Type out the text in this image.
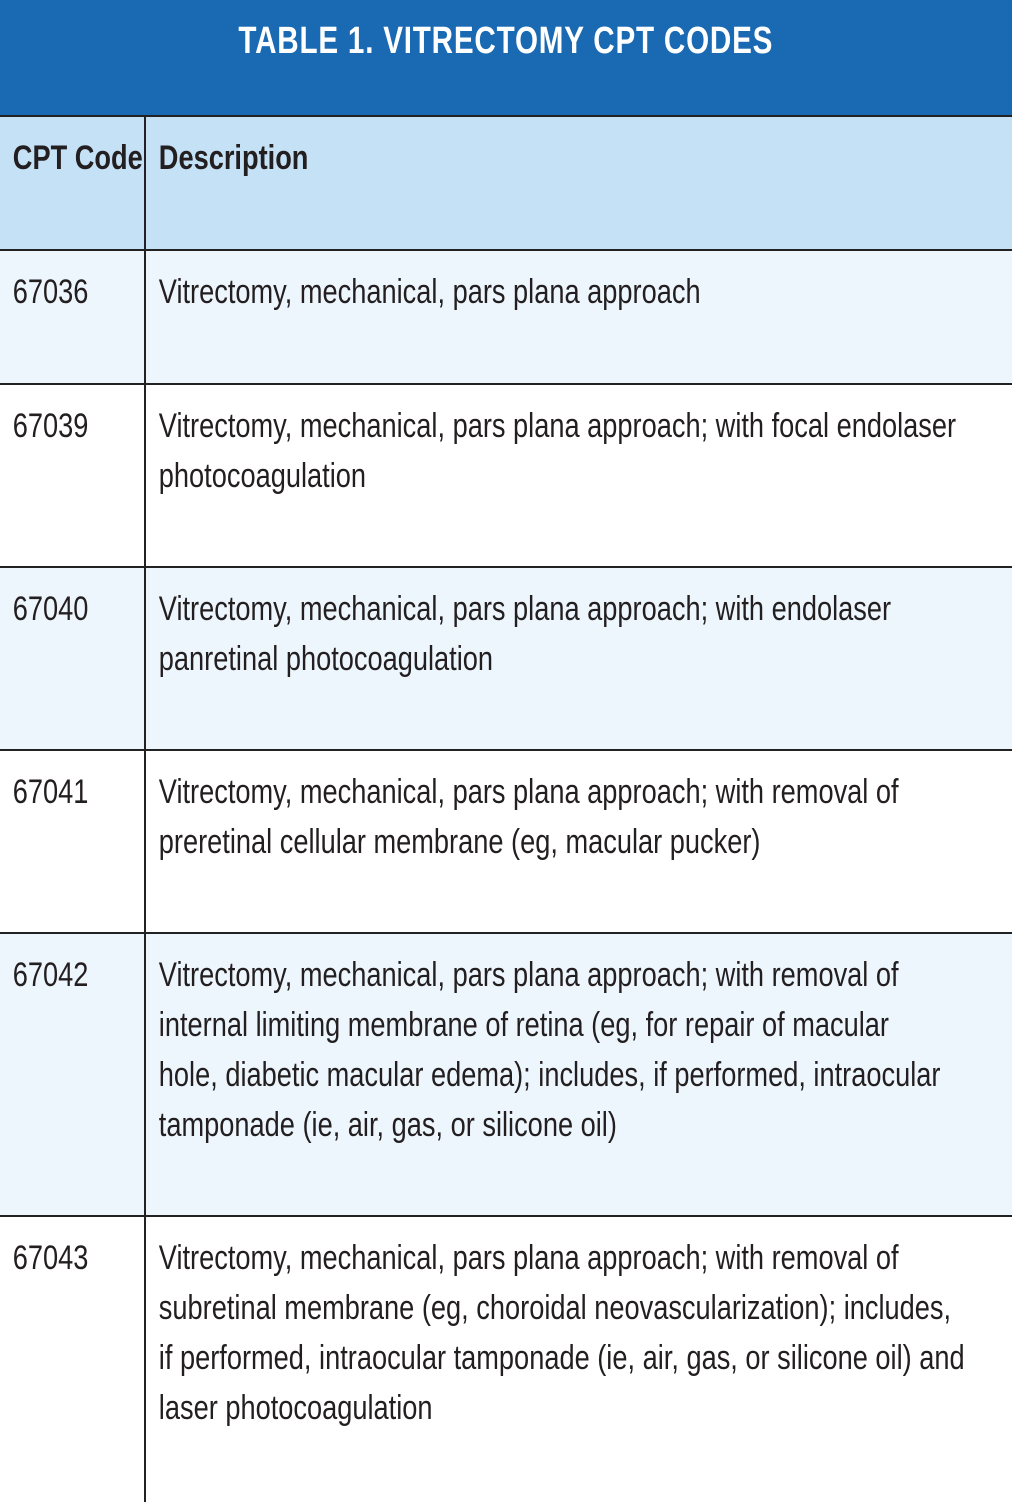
TABLE 1. VITRECTOMY CPT CODES
CPT Code	Description

67036	Vitrectomy, mechanical, pars plana approach

67039	Vitrectomy, mechanical, pars plana approach; with focal endolaser
photocoagulation

67040	Vitrectomy, mechanical, pars plana approach; with endolaser
panretinal photocoagulation

67041	Vitrectomy, mechanical, pars plana approach; with removal of
preretinal cellular membrane (eg, macular pucker)

67042	Vitrectomy, mechanical, pars plana approach; with removal of
internal limiting membrane of retina (eg, for repair of macular
hole, diabetic macular edema); includes, if performed, intraocular
tamponade (ie, air, gas, or silicone oil)

67043	Vitrectomy, mechanical, pars plana approach; with removal of
subretinal membrane (eg, choroidal neovascularization); includes,
if performed, intraocular tamponade (ie, air, gas, or silicone oil) and
laser photocoagulation
